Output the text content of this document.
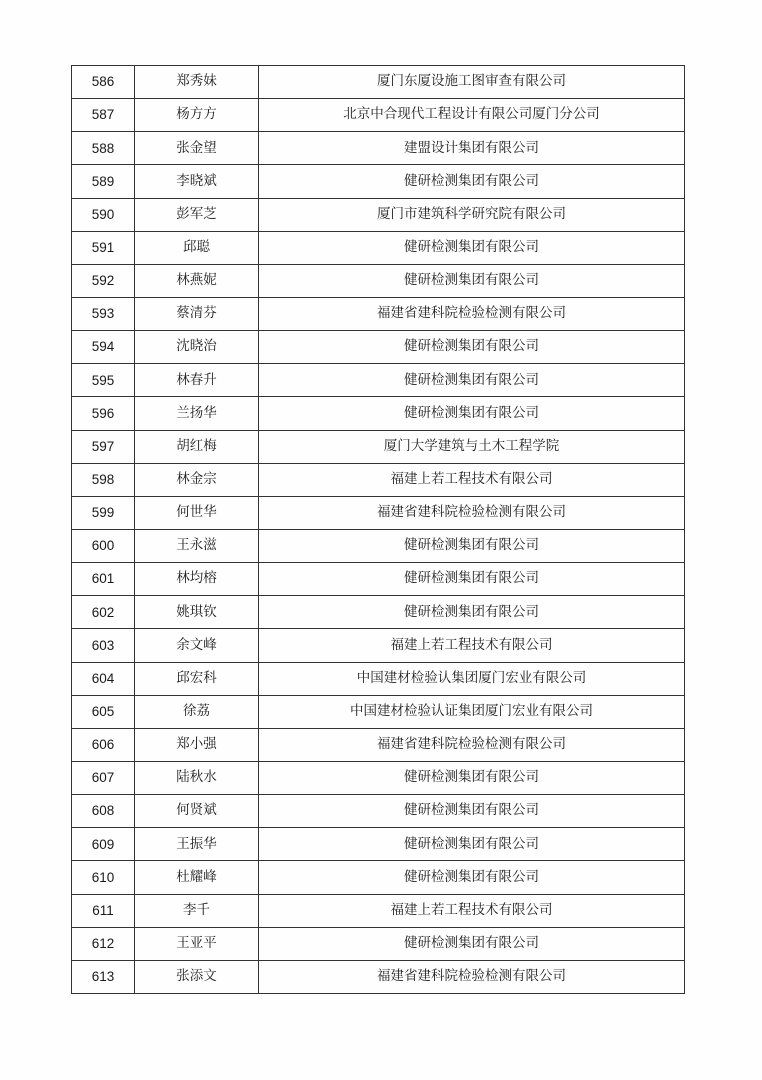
586	郑秀妹	厦门东厦设施工图审查有限公司
587	杨方方	北京中合现代工程设计有限公司厦门分公司
588	张金望	建盟设计集团有限公司
589	李晓斌	健研检测集团有限公司
590	彭军芝	厦门市建筑科学研究院有限公司
591	邱聪	健研检测集团有限公司
592	林燕妮	健研检测集团有限公司
593	蔡清芬	福建省建科院检验检测有限公司
594	沈晓治	健研检测集团有限公司
595	林春升	健研检测集团有限公司
596	兰扬华	健研检测集团有限公司
597	胡红梅	厦门大学建筑与土木工程学院
598	林金宗	福建上若工程技术有限公司
599	何世华	福建省建科院检验检测有限公司
600	王永滋	健研检测集团有限公司
601	林均榕	健研检测集团有限公司
602	姚琪钦	健研检测集团有限公司
603	余文峰	福建上若工程技术有限公司
604	邱宏科	中国建材检验认集团厦门宏业有限公司
605	徐荔	中国建材检验认证集团厦门宏业有限公司
606	郑小强	福建省建科院检验检测有限公司
607	陆秋水	健研检测集团有限公司
608	何贤斌	健研检测集团有限公司
609	王振华	健研检测集团有限公司
610	杜耀峰	健研检测集团有限公司
611	李千	福建上若工程技术有限公司
612	王亚平	健研检测集团有限公司
613	张添文	福建省建科院检验检测有限公司
